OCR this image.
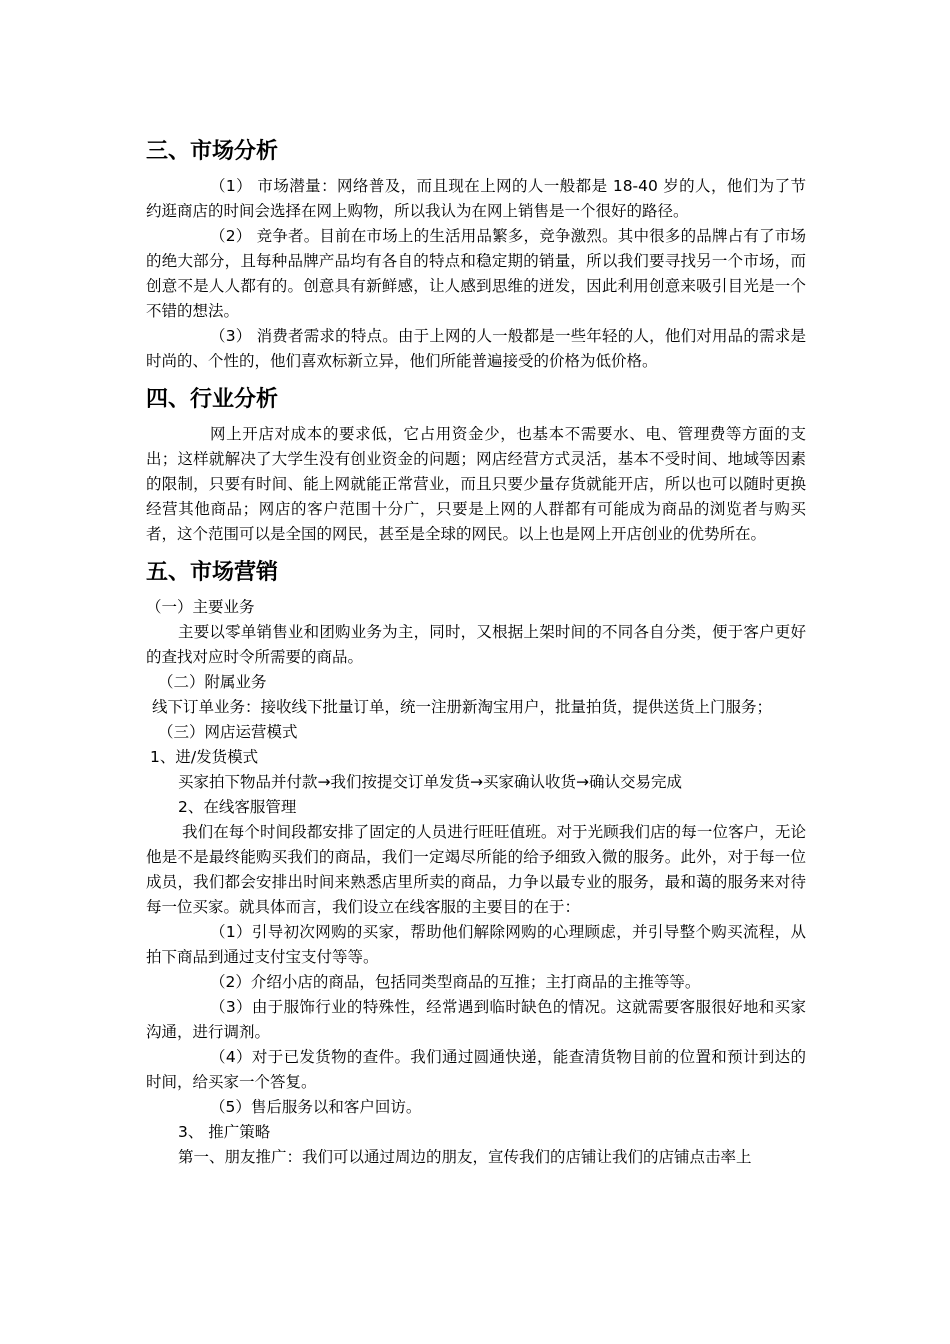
三、市场分析

（1） 市场潜量：网络普及，而且现在上网的人一般都是 18-40 岁的人，他们为了节约逛商店的时间会选择在网上购物，所以我认为在网上销售是一个很好的路径。

（2） 竞争者。目前在市场上的生活用品繁多，竞争激烈。其中很多的品牌占有了市场的绝大部分，且每种品牌产品均有各自的特点和稳定期的销量，所以我们要寻找另一个市场，而创意不是人人都有的。创意具有新鲜感，让人感到思维的迸发，因此利用创意来吸引目光是一个不错的想法。

（3） 消费者需求的特点。由于上网的人一般都是一些年轻的人，他们对用品的需求是时尚的、个性的，他们喜欢标新立异，他们所能普遍接受的价格为低价格。

四、行业分析

网上开店对成本的要求低，它占用资金少，也基本不需要水、电、管理费等方面的支出；这样就解决了大学生没有创业资金的问题；网店经营方式灵活，基本不受时间、地域等因素的限制，只要有时间、能上网就能正常营业，而且只要少量存货就能开店，所以也可以随时更换经营其他商品；网店的客户范围十分广，只要是上网的人群都有可能成为商品的浏览者与购买者，这个范围可以是全国的网民，甚至是全球的网民。以上也是网上开店创业的优势所在。

五、市场营销

（一）主要业务

主要以零单销售业和团购业务为主，同时，又根据上架时间的不同各自分类，便于客户更好的查找对应时令所需要的商品。

（二）附属业务

线下订单业务：接收线下批量订单，统一注册新淘宝用户，批量拍货，提供送货上门服务；

（三）网店运营模式

1、进/发货模式

买家拍下物品并付款→我们按提交订单发货→买家确认收货→确认交易完成

2、在线客服管理

我们在每个时间段都安排了固定的人员进行旺旺值班。对于光顾我们店的每一位客户，无论他是不是最终能购买我们的商品，我们一定竭尽所能的给予细致入微的服务。此外，对于每一位成员，我们都会安排出时间来熟悉店里所卖的商品，力争以最专业的服务，最和蔼的服务来对待每一位买家。就具体而言，我们设立在线客服的主要目的在于：

（1）引导初次网购的买家，帮助他们解除网购的心理顾虑，并引导整个购买流程，从拍下商品到通过支付宝支付等等。

（2）介绍小店的商品，包括同类型商品的互推；主打商品的主推等等。

（3）由于服饰行业的特殊性，经常遇到临时缺色的情况。这就需要客服很好地和买家沟通，进行调剂。

（4）对于已发货物的查件。我们通过圆通快递，能查清货物目前的位置和预计到达的时间，给买家一个答复。

（5）售后服务以和客户回访。

3、 推广策略

第一、朋友推广：我们可以通过周边的朋友，宣传我们的店铺让我们的店铺点击率上
